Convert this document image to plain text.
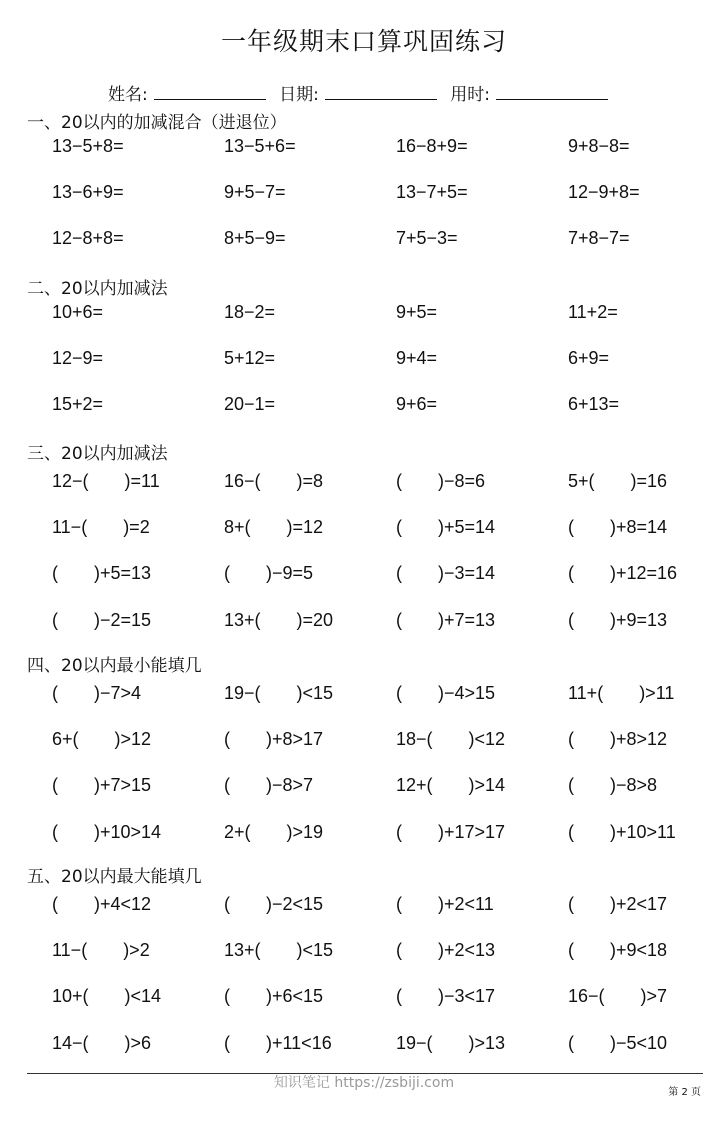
一年级期末口算巩固练习
姓名:	日期:	用时:
一、20以内的加减混合（进退位）
13−5+8=	13−5+6=	16−8+9=	9+8−8=
13−6+9=	9+5−7=	13−7+5=	12−9+8=
12−8+8=	8+5−9=	7+5−3=	7+8−7=
二、20以内加减法
10+6=	18−2=	9+5=	11+2=
12−9=	5+12=	9+4=	6+9=
15+2=	20−1=	9+6=	6+13=
三、20以内加减法
12−(　　)=11	16−(　　)=8	(　　)−8=6	5+(　　)=16
11−(　　)=2	8+(　　)=12	(　　)+5=14	(　　)+8=14
(　　)+5=13	(　　)−9=5	(　　)−3=14	(　　)+12=16
(　　)−2=15	13+(　　)=20	(　　)+7=13	(　　)+9=13
四、20以内最小能填几
(　　)−7>4	19−(　　)<15	(　　)−4>15	11+(　　)>11
6+(　　)>12	(　　)+8>17	18−(　　)<12	(　　)+8>12
(　　)+7>15	(　　)−8>7	12+(　　)>14	(　　)−8>8
(　　)+10>14	2+(　　)>19	(　　)+17>17	(　　)+10>11
五、20以内最大能填几
(　　)+4<12	(　　)−2<15	(　　)+2<11	(　　)+2<17
11−(　　)>2	13+(　　)<15	(　　)+2<13	(　　)+9<18
10+(　　)<14	(　　)+6<15	(　　)−3<17	16−(　　)>7
14−(　　)>6	(　　)+11<16	19−(　　)>13	(　　)−5<10
知识笔记 https://zsbiji.com
第 2 页
